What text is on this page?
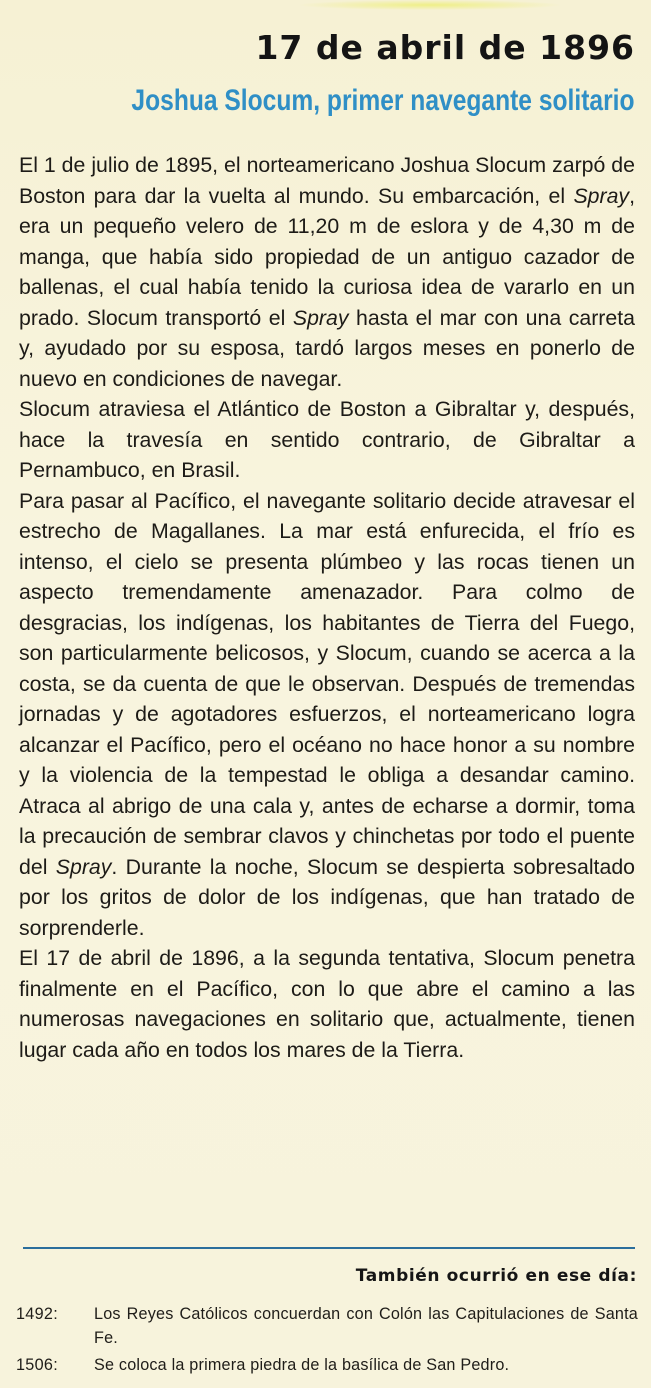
17 de abril de 1896
Joshua Slocum, primer navegante solitario

El 1 de julio de 1895, el norteamericano Joshua Slocum zarpó de Boston para dar la vuelta al mundo. Su embarcación, el Spray, era un pequeño velero de 11,20 m de eslora y de 4,30 m de manga, que había sido propiedad de un antiguo cazador de ballenas, el cual había tenido la curiosa idea de vararlo en un prado. Slocum transportó el Spray hasta el mar con una carreta y, ayudado por su esposa, tardó largos meses en ponerlo de nuevo en condiciones de navegar.

Slocum atraviesa el Atlántico de Boston a Gibraltar y, después, hace la travesía en sentido contrario, de Gibraltar a Pernambuco, en Brasil.

Para pasar al Pacífico, el navegante solitario decide atravesar el estrecho de Magallanes. La mar está enfurecida, el frío es intenso, el cielo se presenta plúmbeo y las rocas tienen un aspecto tremendamente amenazador. Para colmo de desgracias, los indígenas, los habitantes de Tierra del Fuego, son particularmente belicosos, y Slocum, cuando se acerca a la costa, se da cuenta de que le observan. Después de tremendas jornadas y de agotadores esfuerzos, el norteamericano logra alcanzar el Pacífico, pero el océano no hace honor a su nombre y la violencia de la tempestad le obliga a desandar camino. Atraca al abrigo de una cala y, antes de echarse a dormir, toma la precaución de sembrar clavos y chinchetas por todo el puente del Spray. Durante la noche, Slocum se despierta sobresaltado por los gritos de dolor de los indígenas, que han tratado de sorprenderle.

El 17 de abril de 1896, a la segunda tentativa, Slocum penetra finalmente en el Pacífico, con lo que abre el camino a las numerosas navegaciones en solitario que, actualmente, tienen lugar cada año en todos los mares de la Tierra.

También ocurrió en ese día:
1492:	Los Reyes Católicos concuerdan con Colón las Capitulaciones de Santa Fe.
1506:	Se coloca la primera piedra de la basílica de San Pedro.
